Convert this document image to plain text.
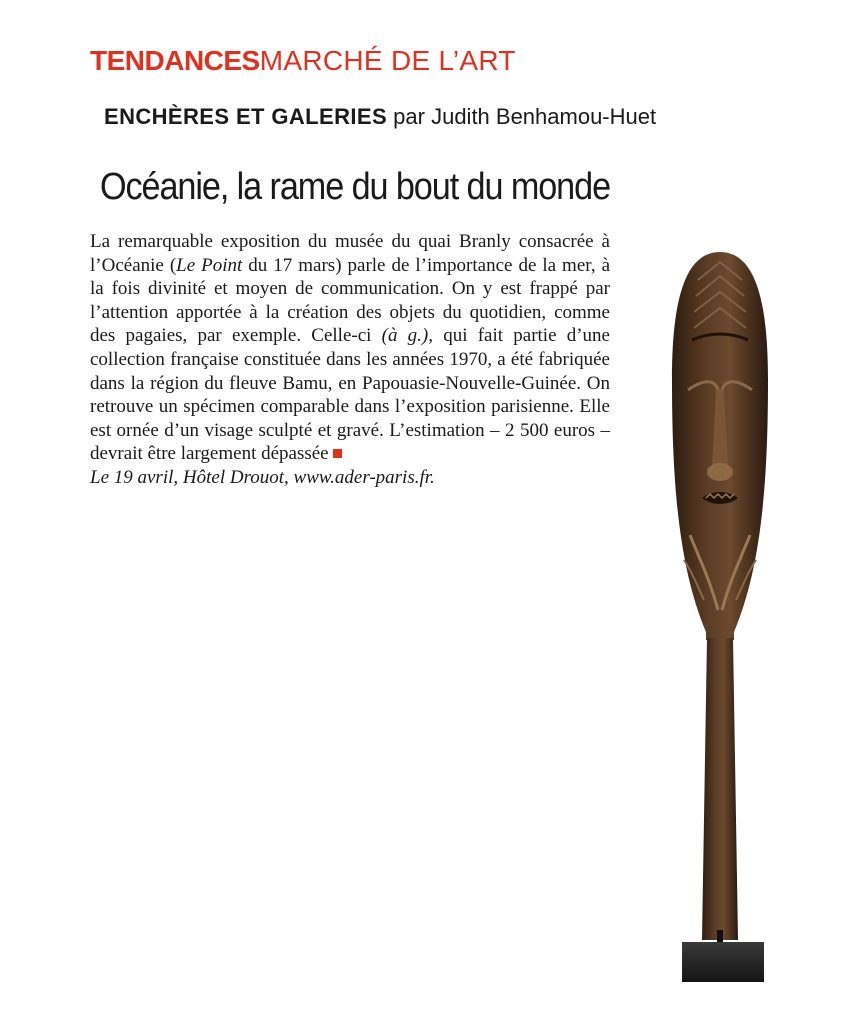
TENDANCESMARCHÉ DE L’ART
ENCHÈRES ET GALERIES par Judith Benhamou-Huet
Océanie, la rame du bout du monde

La remarquable exposition du musée du quai Branly consacrée à l’Océanie (Le Point du 17 mars) parle de l’importance de la mer, à la fois divinité et moyen de communication. On y est frappé par l’attention apportée à la création des objets du quotidien, comme des pagaies, par exemple. Celle-ci (à g.), qui fait partie d’une collection française constituée dans les années 1970, a été fabriquée dans la région du fleuve Bamu, en Papouasie-Nouvelle-Guinée. On retrouve un spécimen comparable dans l’exposition parisienne. Elle est ornée d’un visage sculpté et gravé. L’estimation – 2 500 euros – devrait être largement dépassée

Le 19 avril, Hôtel Drouot, www.ader-paris.fr.
